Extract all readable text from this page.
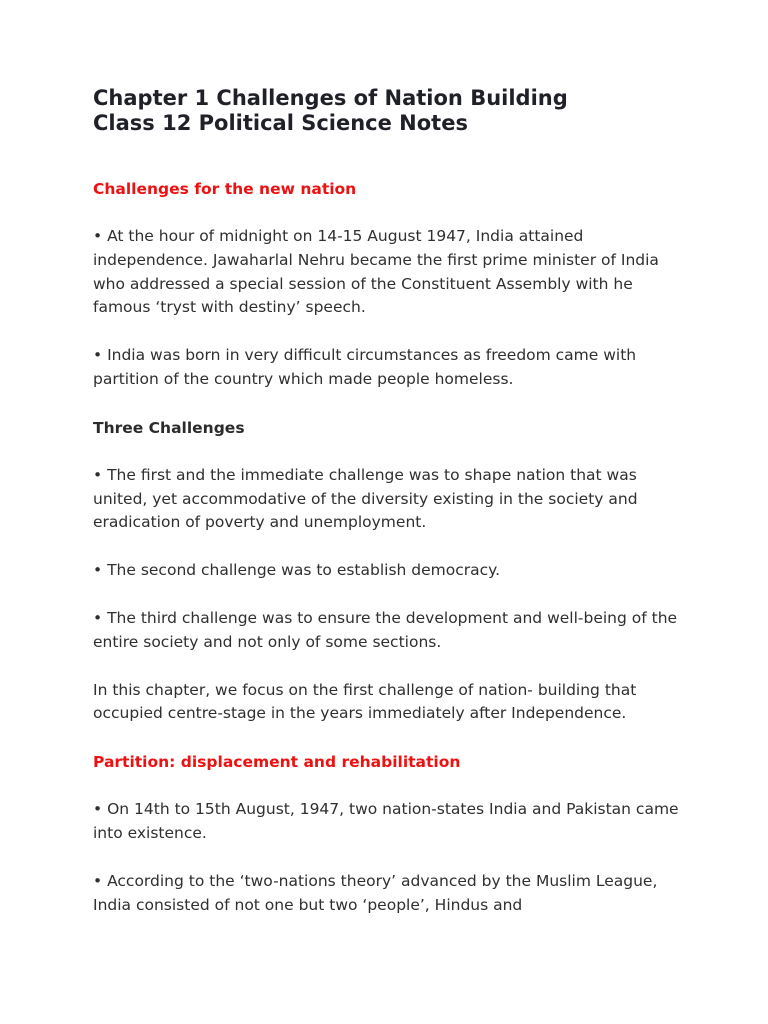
Chapter 1 Challenges of Nation Building
Class 12 Political Science Notes
Challenges for the new nation

• At the hour of midnight on 14-15 August 1947, India attained independence. Jawaharlal Nehru became the first prime minister of India who addressed a special session of the Constituent Assembly with he famous ‘tryst with destiny’ speech.

• India was born in very difficult circumstances as freedom came with partition of the country which made people homeless.

Three Challenges

• The first and the immediate challenge was to shape nation that was united, yet accommodative of the diversity existing in the society and eradication of poverty and unemployment.

• The second challenge was to establish democracy.

• The third challenge was to ensure the development and well-being of the entire society and not only of some sections.

In this chapter, we focus on the first challenge of nation- building that occupied centre-stage in the years immediately after Independence.

Partition: displacement and rehabilitation

• On 14th to 15th August, 1947, two nation-states India and Pakistan came into existence.

• According to the ‘two-nations theory’ advanced by the Muslim League, India consisted of not one but two ‘people’, Hindus and
